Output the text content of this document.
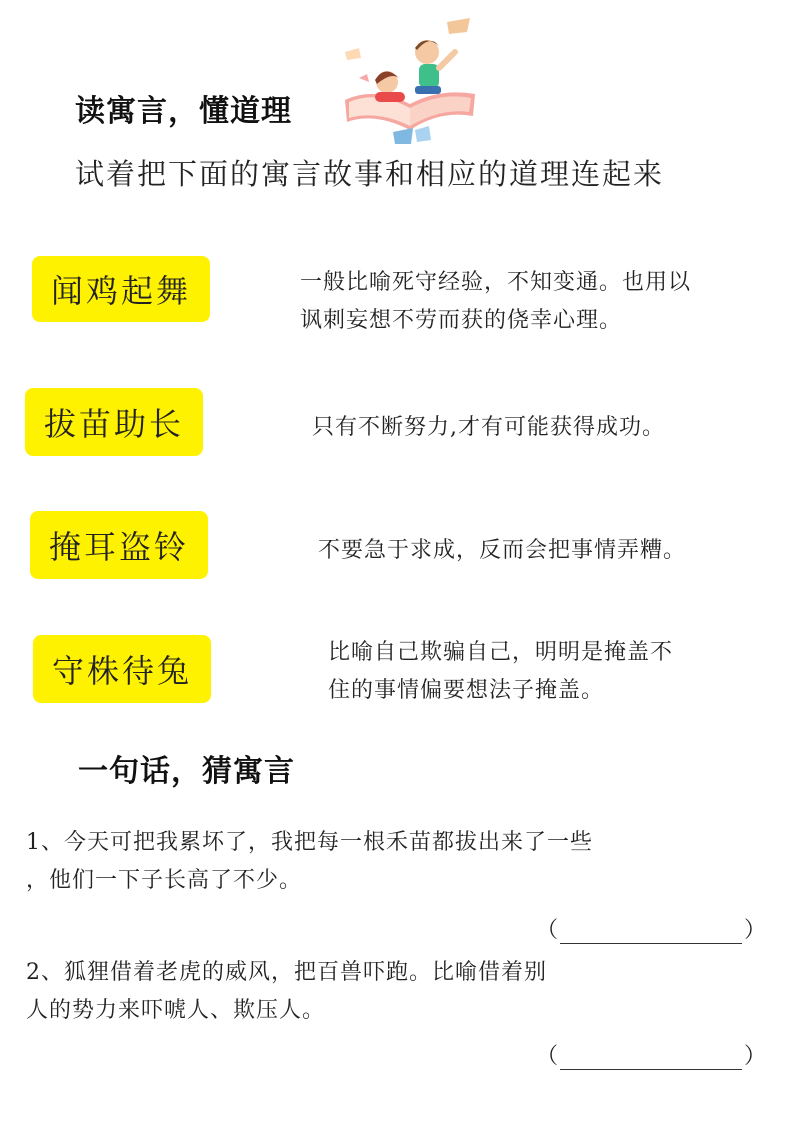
读寓言，懂道理
试着把下面的寓言故事和相应的道理连起来
闻鸡起舞
拔苗助长
掩耳盗铃
守株待兔
一般比喻死守经验，不知变通。也用以
讽刺妄想不劳而获的侥幸心理。
只有不断努力,才有可能获得成功。
不要急于求成，反而会把事情弄糟。
比喻自己欺骗自己，明明是掩盖不
住的事情偏要想法子掩盖。
一句话，猜寓言
1、今天可把我累坏了，我把每一根禾苗都拔出来了一些
，他们一下子长高了不少。
（	）
2、狐狸借着老虎的威风，把百兽吓跑。比喻借着别
人的势力来吓唬人、欺压人。
（	）
